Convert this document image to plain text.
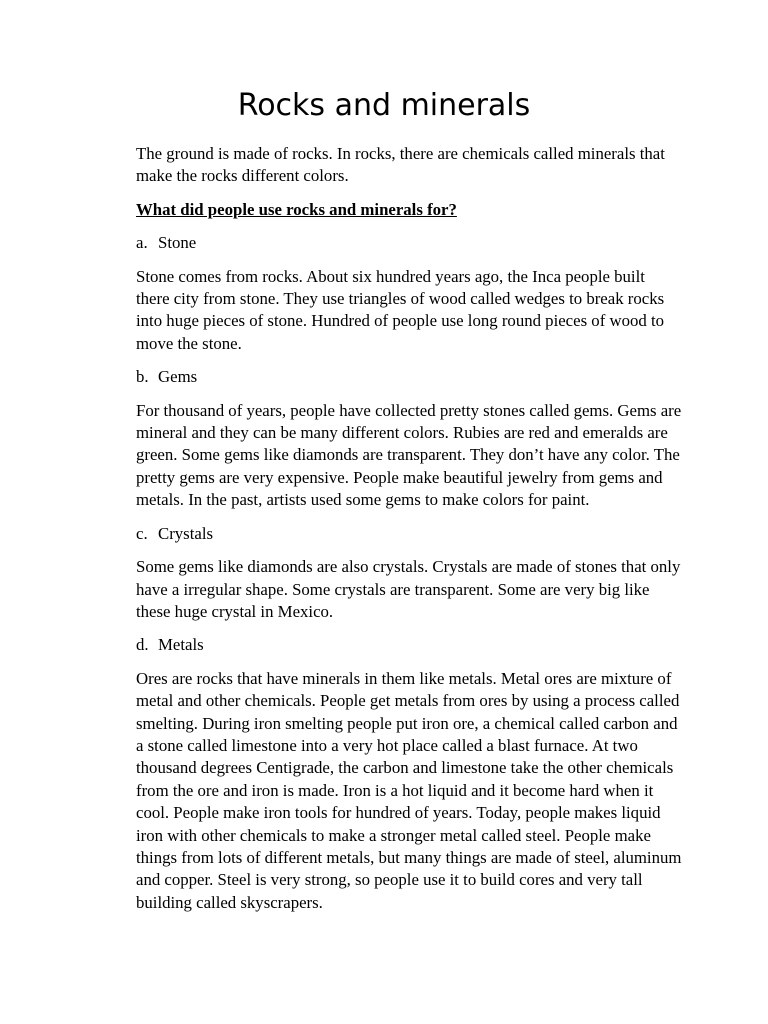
Rocks and minerals

The ground is made of rocks. In rocks, there are chemicals called minerals that make the rocks different colors.

What did people use rocks and minerals for?

a. Stone

Stone comes from rocks. About six hundred years ago, the Inca people built there city from stone. They use triangles of wood called wedges to break rocks into huge pieces of stone. Hundred of people use long round pieces of wood to move the stone.

b. Gems

For thousand of years, people have collected pretty stones called gems. Gems are mineral and they can be many different colors. Rubies are red and emeralds are green. Some gems like diamonds are transparent. They don’t have any color. The pretty gems are very expensive. People make beautiful jewelry from gems and metals. In the past, artists used some gems to make colors for paint.

c. Crystals

Some gems like diamonds are also crystals. Crystals are made of stones that only have a irregular shape. Some crystals are transparent. Some are very big like these huge crystal in Mexico.

d. Metals

Ores are rocks that have minerals in them like metals. Metal ores are mixture of metal and other chemicals. People get metals from ores by using a process called smelting. During iron smelting people put iron ore, a chemical called carbon and a stone called limestone into a very hot place called a blast furnace. At two thousand degrees Centigrade, the carbon and limestone take the other chemicals from the ore and iron is made. Iron is a hot liquid and it become hard when it cool. People make iron tools for hundred of years. Today, people makes liquid iron with other chemicals to make a stronger metal called steel. People make things from lots of different metals, but many things are made of steel, aluminum and copper. Steel is very strong, so people use it to build cores and very tall building called skyscrapers.
